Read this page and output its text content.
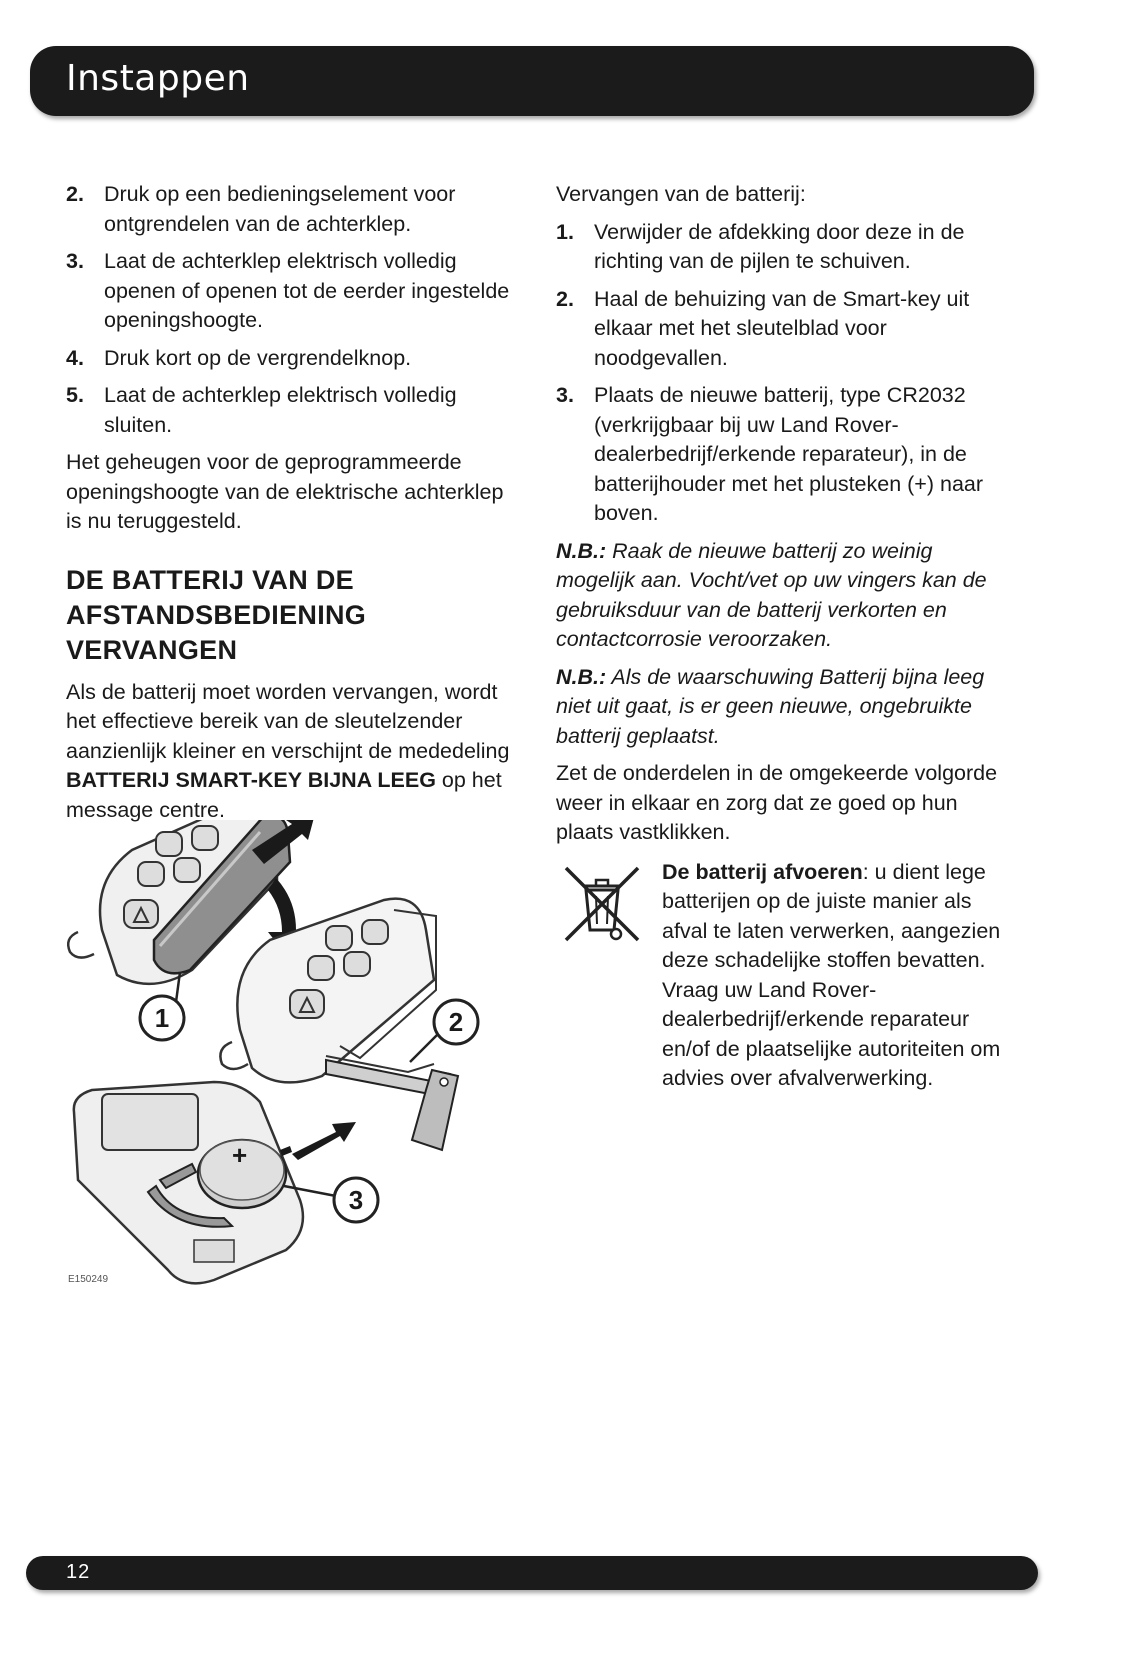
Instappen
2. Druk op een bedieningselement voor ontgrendelen van de achterklep.
3. Laat de achterklep elektrisch volledig openen of openen tot de eerder ingestelde openingshoogte.
4. Druk kort op de vergrendelknop.
5. Laat de achterklep elektrisch volledig sluiten.

Het geheugen voor de geprogrammeerde openingshoogte van de elektrische achterklep is nu teruggesteld.

DE BATTERIJ VAN DE AFSTANDSBEDIENING VERVANGEN

Als de batterij moet worden vervangen, wordt het effectieve bereik van de sleutelzender aanzienlijk kleiner en verschijnt de mededeling BATTERIJ SMART-KEY BIJNA LEEG op het message centre.

1	2
+
3
E150249

Vervangen van de batterij:

1. Verwijder de afdekking door deze in de richting van de pijlen te schuiven.
2. Haal de behuizing van de Smart-key uit elkaar met het sleutelblad voor noodgevallen.
3. Plaats de nieuwe batterij, type CR2032 (verkrijgbaar bij uw Land Rover-dealerbedrijf/erkende reparateur), in de batterijhouder met het plusteken (+) naar boven.

N.B.: Raak de nieuwe batterij zo weinig mogelijk aan. Vocht/vet op uw vingers kan de gebruiksduur van de batterij verkorten en contactcorrosie veroorzaken.

N.B.: Als de waarschuwing Batterij bijna leeg niet uit gaat, is er geen nieuwe, ongebruikte batterij geplaatst.

Zet de onderdelen in de omgekeerde volgorde weer in elkaar en zorg dat ze goed op hun plaats vastklikken.

De batterij afvoeren: u dient lege batterijen op de juiste manier als afval te laten verwerken, aangezien deze schadelijke stoffen bevatten. Vraag uw Land Rover-dealerbedrijf/erkende reparateur en/of de plaatselijke autoriteiten om advies over afvalverwerking.
12
